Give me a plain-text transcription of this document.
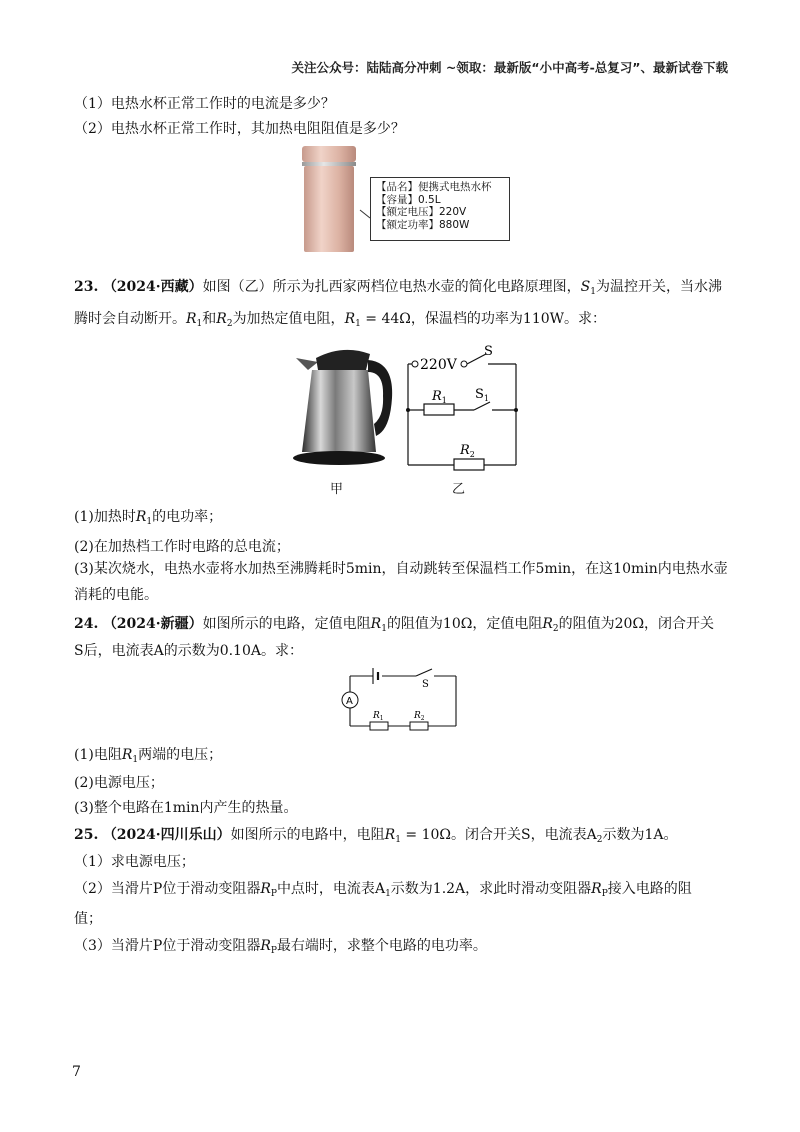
关注公众号：陆陆高分冲刺 ~领取：最新版“小中高考-总复习”、最新试卷下载
（1）电热水杯正常工作时的电流是多少？
（2）电热水杯正常工作时，其加热电阻阻值是多少？
【品名】便携式电热水杯
【容量】0.5L
【额定电压】220V
【额定功率】880W
23. （2024·西藏）如图（乙）所示为扎西家两档位电热水壶的简化电路原理图，$S_1$为温控开关，当水沸
腾时会自动断开。$R_1$和$R_2$为加热定值电阻，$R_1 = 44\Omega$，保温档的功率为110W。求：
甲
220V
S
$S_1$
$R_1$
$R_2$
乙
(1)加热时$R_1$的电功率；
(2)在加热档工作时电路的总电流；
(3)某次烧水，电热水壶将水加热至沸腾耗时5min，自动跳转至保温档工作5min，在这10min内电热水壶
消耗的电能。
24. （2024·新疆）如图所示的电路，定值电阻$R_1$的阻值为10Ω，定值电阻$R_2$的阻值为20Ω，闭合开关
S后，电流表A的示数为0.10A。求：
A
S
$R_1$	$R_2$
(1)电阻$R_1$两端的电压；
(2)电源电压；
(3)整个电路在1min内产生的热量。
25. （2024·四川乐山）如图所示的电路中，电阻$R_1 = 10\Omega$。闭合开关S，电流表$A_2$示数为1A。
（1）求电源电压；
（2）当滑片P位于滑动变阻器$R_P$中点时，电流表$A_1$示数为1.2A，求此时滑动变阻器$R_P$接入电路的阻
值；
（3）当滑片P位于滑动变阻器$R_P$最右端时，求整个电路的电功率。
7
